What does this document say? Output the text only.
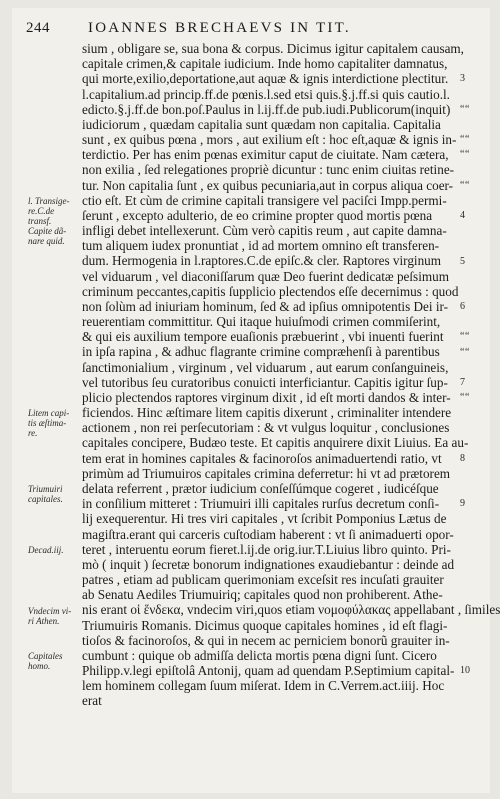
244	IOANNES BRECHAEVS IN TIT.
sium , obligare se, sua bona & corpus. Dicimus igitur capitalem causam,
capitale crimen,& capitale iudicium. Inde homo capitaliter damnatus,
qui morte,exilio,deportatione,aut aquæ & ignis interdictione plectitur.
l.capitalium.ad princip.ff.de pœnis.l.sed etsi quis.§.j.ff.si quis cautio.l.
edicto.§.j.ff.de bon.poſ.Paulus in l.ij.ff.de pub.iudi.Publicorum(inquit)
iudiciorum , quædam capitalia sunt quædam non capitalia. Capitalia
sunt , ex quibus pœna , mors , aut exilium eſt : hoc eſt,aquæ & ignis in-
terdictio. Per has enim pœnas eximitur caput de ciuitate. Nam cætera,
non exilia , ſed relegationes propriè dicuntur : tunc enim ciuitas retine-
tur. Non capitalia ſunt , ex quibus pecuniaria,aut in corpus aliqua coer-
ctio eſt. Et cùm de crimine capitali transigere vel paciſci Impp.permi-
ſerunt , excepto adulterio, de eo crimine propter quod mortis pœna
infligi debet intellexerunt. Cùm verò capitis reum , aut capite damna-
tum aliquem iudex pronuntiat , id ad mortem omnino eſt transferen-
dum. Hermogenia in l.raptores.C.de epiſc.& cler. Raptores virginum
vel viduarum , vel diaconiſſarum quæ Deo fuerint dedicatæ peſsimum
criminum peccantes,capitis ſupplicio plectendos eſſe decernimus : quod
non ſolùm ad iniuriam hominum, ſed & ad ipſius omnipotentis Dei ir-
reuerentiam committitur. Qui itaque huiuſmodi crimen commiſerint,
& qui eis auxilium tempore euaſionis præbuerint , vbi inuenti fuerint
in ipſa rapina , & adhuc flagrante crimine compræhenſi à parentibus
ſanctimonialium , virginum , vel viduarum , aut earum conſanguineis,
vel tutoribus ſeu curatoribus conuicti interficiantur. Capitis igitur ſup-
plicio plectendos raptores virginum dixit , id eſt morti dandos & inter-
ficiendos. Hinc æſtimare litem capitis dixerunt , criminaliter intendere
actionem , non rei perſecutoriam : & vt vulgus loquitur , conclusiones
capitales concipere, Budæo teste. Et capitis anquirere dixit Liuius. Ea au-
tem erat in homines capitales & facinoroſos animaduertendi ratio, vt
primùm ad Triumuiros capitales crimina deferretur: hi vt ad prætorem
delata referrent , prætor iudicium conſeſſúmque cogeret , iudicéſque
in conſilium mitteret : Triumuiri illi capitales rurſus decretum conſi-
lij exequerentur. Hi tres viri capitales , vt ſcribit Pomponius Lætus de
magiſtra.erant qui carceris cuſtodiam haberent : vt ſi animaduerti opor-
teret , interuentu eorum fieret.l.ij.de orig.iur.T.Liuius libro quinto. Pri-
mò ( inquit ) ſecretæ bonorum indignationes exaudiebantur : deinde ad
patres , etiam ad publicam querimoniam exceſsit res incuſati grauiter
ab Senatu Aediles Triumuiriq; capitales quod non prohiberent. Athe-
nis erant οἱ ἕνδεκα, vndecim viri,quos etiam νομοφύλακας appellabant , ſimiles
Triumuiris Romanis. Dicimus quoque capitales homines , id eſt flagi-
tioſos & facinoroſos, & qui in necem ac perniciem bonorũ grauiter in-
cumbunt : quique ob admiſſa delicta mortis pœna digni ſunt. Cicero
Philipp.v.legi epiſtolâ Antonij, quam ad quendam P.Septimium capital-
lem hominem collegam ſuum miſerat. Idem in C.Verrem.act.iiij. Hoc
erat
l. Transige-
re.C.de
transf.
Capite dã-
nare quid.
Litem capi-
tis æſtima-
re.
Triumuiri
capitales.
Decad.iij.
Vndecim vi-
ri Athen.
Capitales
homo.
3
“ “
“ “
“ “
“ “
4
5
6
“ “
“ “
7
“ “
8
9
10
